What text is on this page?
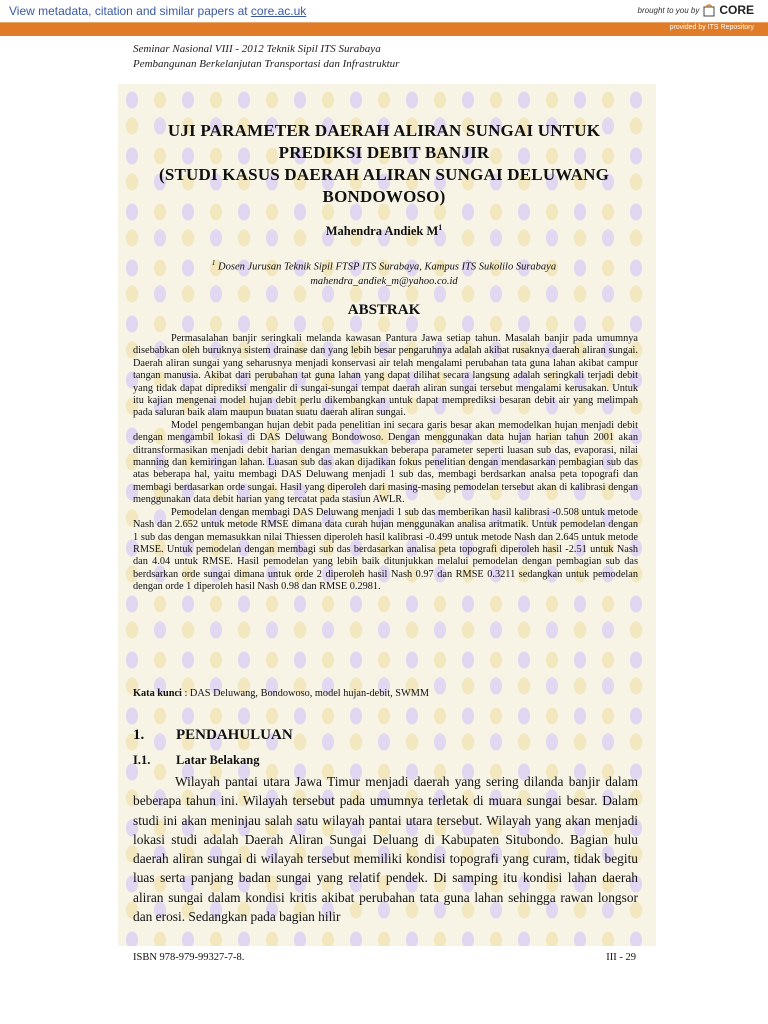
View metadata, citation and similar papers at core.ac.uk	brought to you by CORE
provided by ITS Repository
Seminar Nasional VIII - 2012 Teknik Sipil ITS Surabaya
Pembangunan Berkelanjutan Transportasi dan Infrastruktur
UJI PARAMETER DAERAH ALIRAN SUNGAI UNTUK
PREDIKSI DEBIT BANJIR
(STUDI KASUS DAERAH ALIRAN SUNGAI DELUWANG
BONDOWOSO)
Mahendra Andiek $M^1$
$^1$ Dosen Jurusan Teknik Sipil FTSP ITS Surabaya, Kampus ITS Sukolilo Surabaya
mahendra_andiek_m@yahoo.co.id
ABSTRAK

Permasalahan banjir seringkali melanda kawasan Pantura Jawa setiap tahun. Masalah banjir pada umumnya disebabkan oleh buruknya sistem drainase dan yang lebih besar pengaruhnya adalah akibat rusaknya daerah aliran sungai. Daerah aliran sungai yang seharusnya menjadi konservasi air telah mengalami perubahan tata guna lahan akibat campur tangan manusia. Akibat dari perubahan tat guna lahan yang dapat dilihat secara langsung adalah seringkali terjadi debit yang tidak dapat diprediksi mengalir di sungai-sungai tempat daerah aliran sungai tersebut mengalami kerusakan. Untuk itu kajian mengenai model hujan debit perlu dikembangkan untuk dapat memprediksi besaran debit air yang melimpah pada saluran baik alam maupun buatan suatu daerah aliran sungai.

Model pengembangan hujan debit pada penelitian ini secara garis besar akan memodelkan hujan menjadi debit dengan mengambil lokasi di DAS Deluwang Bondowoso. Dengan menggunakan data hujan harian tahun 2001 akan ditransformasikan menjadi debit harian dengan memasukkan beberapa parameter seperti luasan sub das, evaporasi, nilai manning dan kemiringan lahan. Luasan sub das akan dijadikan fokus penelitian dengan mendasarkan pembagian sub das atas beberapa hal, yaitu membagi DAS Deluwang menjadi 1 sub das, membagi berdsarkan analsa peta topografi dan membagi berdasarkan orde sungai. Hasil yang diperoleh dari masing-masing pemodelan tersebut akan di kalibrasi dengan menggunakan data debit harian yang tercatat pada stasiun AWLR.

Pemodelan dengan membagi DAS Deluwang menjadi 1 sub das memberikan hasil kalibrasi -0.508 untuk metode Nash dan 2.652 untuk metode RMSE dimana data curah hujan menggunakan analisa aritmatik. Untuk pemodelan dengan 1 sub das dengan memasukkan nilai Thiessen diperoleh hasil kalibrasi -0.499 untuk metode Nash dan 2.645 untuk metode RMSE. Untuk pemodelan dengan membagi sub das berdasarkan analisa peta topografi diperoleh hasil -2.51 untuk Nash dan 4.04 untuk RMSE. Hasil pemodelan yang lebih baik ditunjukkan melalui pemodelan dengan pembagian sub das berdsarkan orde sungai dimana untuk orde 2 diperoleh hasil Nash 0.97 dan RMSE 0.3211 sedangkan untuk pemodelan dengan orde 1 diperoleh hasil Nash 0.98 dan RMSE 0.2981.

Kata kunci : DAS Deluwang, Bondowoso, model hujan-debit, SWMM
1. PENDAHULUAN
I.1. Latar Belakang

Wilayah pantai utara Jawa Timur menjadi daerah yang sering dilanda banjir dalam beberapa tahun ini. Wilayah tersebut pada umumnya terletak di muara sungai besar. Dalam studi ini akan meninjau salah satu wilayah pantai utara tersebut. Wilayah yang akan menjadi lokasi studi adalah Daerah Aliran Sungai Deluang di Kabupaten Situbondo. Bagian hulu daerah aliran sungai di wilayah tersebut memiliki kondisi topografi yang curam, tidak begitu luas serta panjang badan sungai yang relatif pendek. Di samping itu kondisi lahan daerah aliran sungai dalam kondisi kritis akibat perubahan tata guna lahan sehingga rawan longsor dan erosi. Sedangkan pada bagian hilir

ISBN 978-979-99327-7-8.	III - 29
